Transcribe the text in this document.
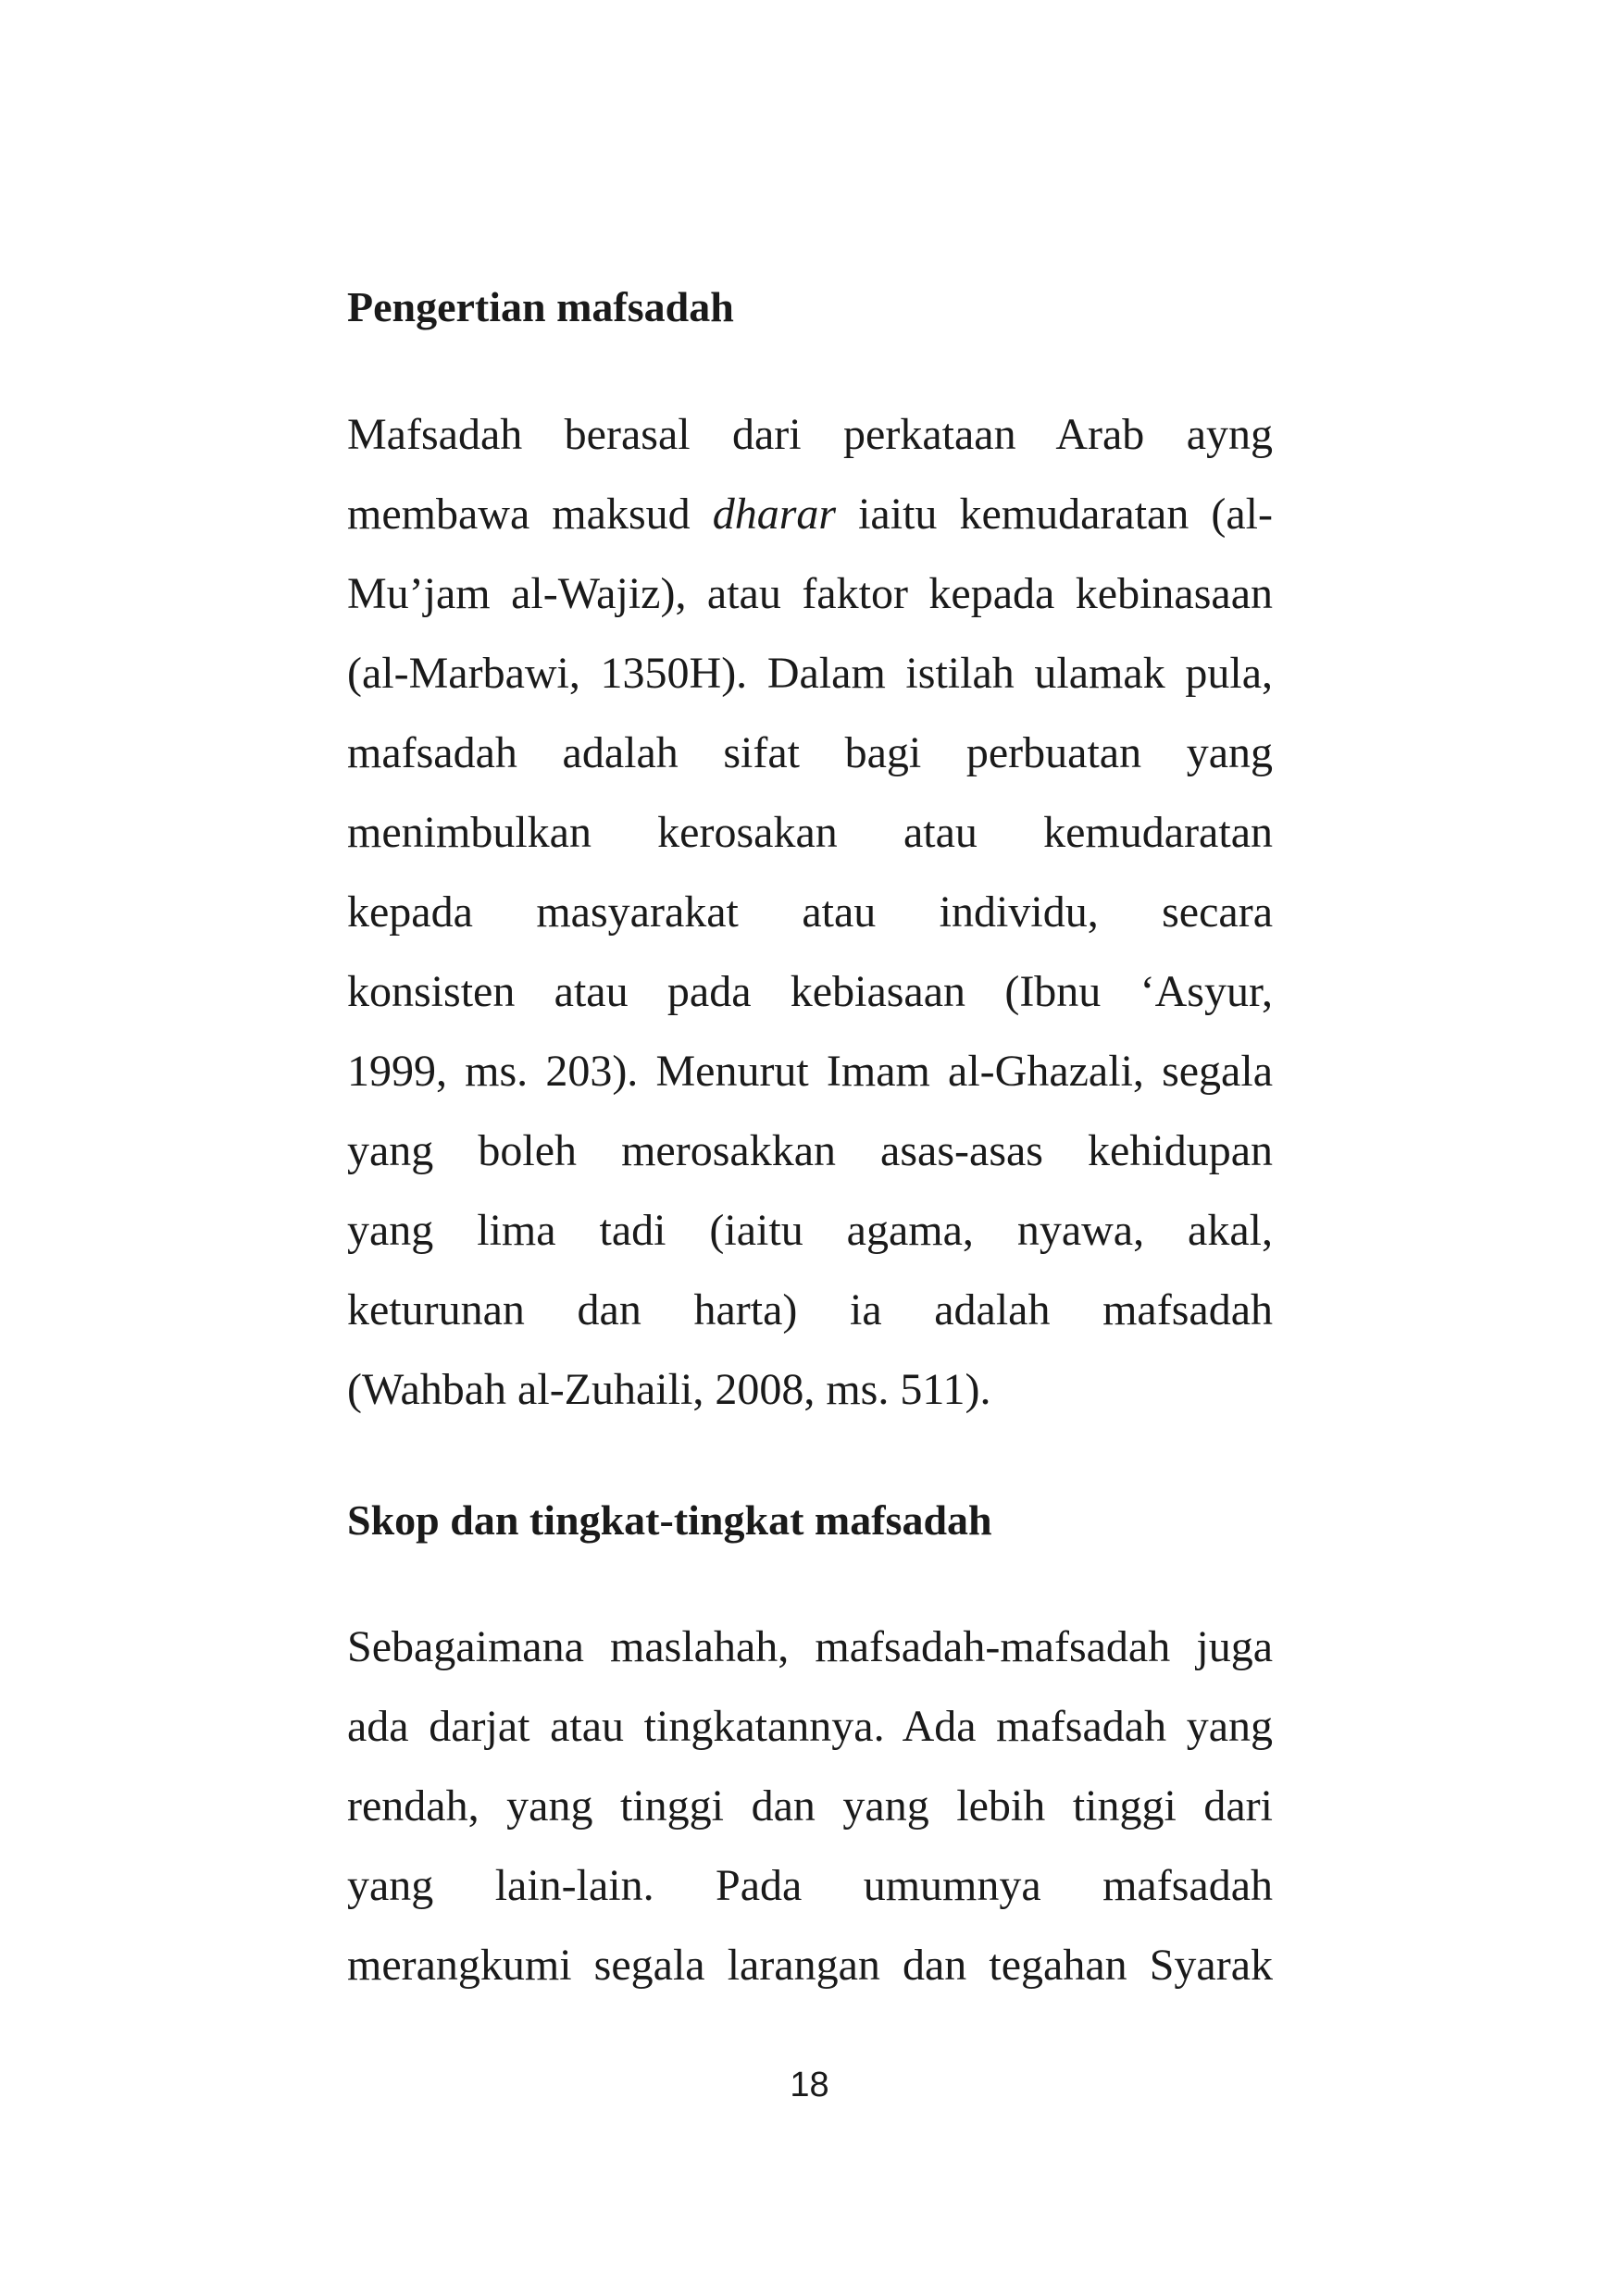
Pengertian mafsadah
Mafsadah berasal dari perkataan Arab ayng
membawa maksud dharar iaitu kemudaratan (al-
Mu’jam al-Wajiz), atau faktor kepada kebinasaan
(al-Marbawi, 1350H). Dalam istilah ulamak pula,
mafsadah adalah sifat bagi perbuatan yang
menimbulkan kerosakan atau kemudaratan
kepada masyarakat atau individu, secara
konsisten atau pada kebiasaan (Ibnu ‘Asyur,
1999, ms. 203). Menurut Imam al-Ghazali, segala
yang boleh merosakkan asas-asas kehidupan
yang lima tadi (iaitu agama, nyawa, akal,
keturunan dan harta) ia adalah mafsadah
(Wahbah al-Zuhaili, 2008, ms. 511).
Skop dan tingkat-tingkat mafsadah
Sebagaimana maslahah, mafsadah-mafsadah juga
ada darjat atau tingkatannya. Ada mafsadah yang
rendah, yang tinggi dan yang lebih tinggi dari
yang lain-lain. Pada umumnya mafsadah
merangkumi segala larangan dan tegahan Syarak
18
